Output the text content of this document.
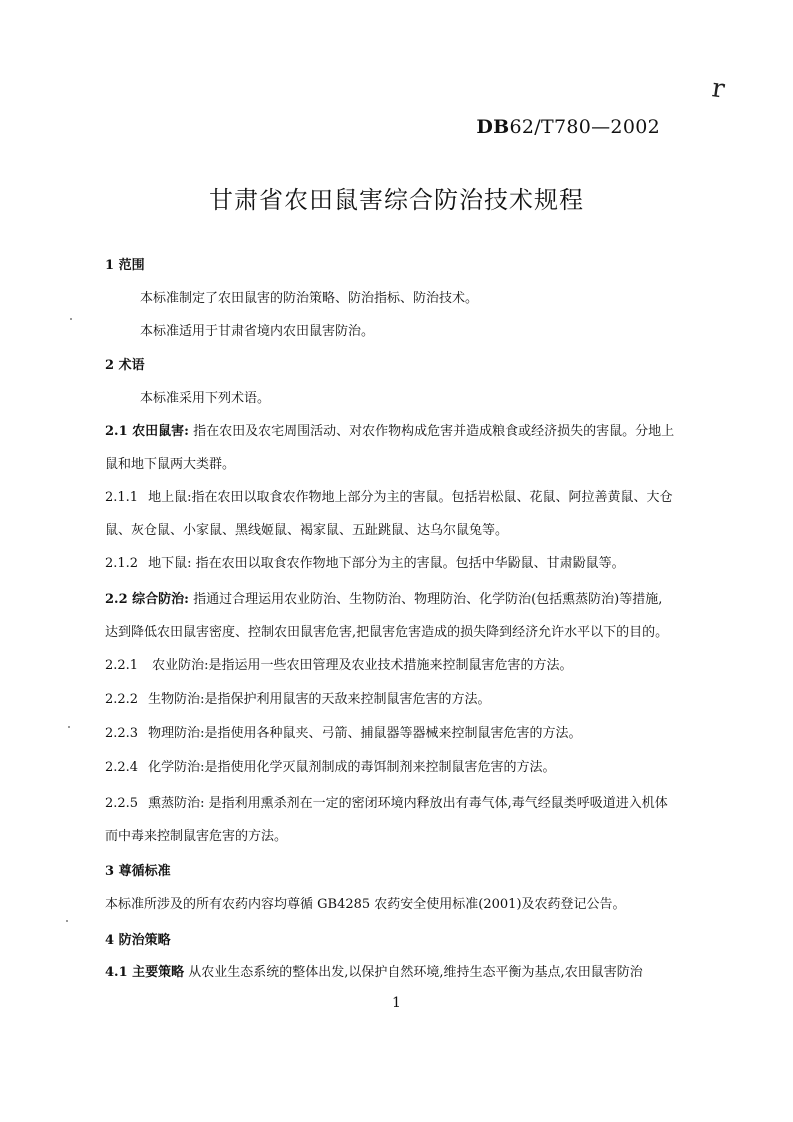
r
DB62/T780—2002
甘肃省农田鼠害综合防治技术规程
1 范围
本标准制定了农田鼠害的防治策略、防治指标、防治技术。
本标准适用于甘肃省境内农田鼠害防治。
2 术语
本标准采用下列术语。
2.1 农田鼠害: 指在农田及农宅周围活动、对农作物构成危害并造成粮食或经济损失的害鼠。分地上
鼠和地下鼠两大类群。
2.1.1 地上鼠:指在农田以取食农作物地上部分为主的害鼠。包括岩松鼠、花鼠、阿拉善黄鼠、大仓
鼠、灰仓鼠、小家鼠、黑线姬鼠、褐家鼠、五趾跳鼠、达乌尔鼠兔等。
2.1.2 地下鼠: 指在农田以取食农作物地下部分为主的害鼠。包括中华鼢鼠、甘肃鼢鼠等。
2.2 综合防治: 指通过合理运用农业防治、生物防治、物理防治、化学防治(包括熏蒸防治)等措施,
达到降低农田鼠害密度、控制农田鼠害危害,把鼠害危害造成的损失降到经济允许水平以下的目的。
2.2.1 农业防治:是指运用一些农田管理及农业技术措施来控制鼠害危害的方法。
2.2.2 生物防治:是指保护利用鼠害的天敌来控制鼠害危害的方法。
2.2.3 物理防治:是指使用各种鼠夹、弓箭、捕鼠器等器械来控制鼠害危害的方法。
2.2.4 化学防治:是指使用化学灭鼠剂制成的毒饵制剂来控制鼠害危害的方法。
2.2.5 熏蒸防治: 是指利用熏杀剂在一定的密闭环境内释放出有毒气体,毒气经鼠类呼吸道进入机体
而中毒来控制鼠害危害的方法。
3 尊循标准
本标准所涉及的所有农药内容均尊循 GB4285 农药安全使用标准(2001)及农药登记公告。
4 防治策略
4.1 主要策略 从农业生态系统的整体出发,以保护自然环境,维持生态平衡为基点,农田鼠害防治
1
